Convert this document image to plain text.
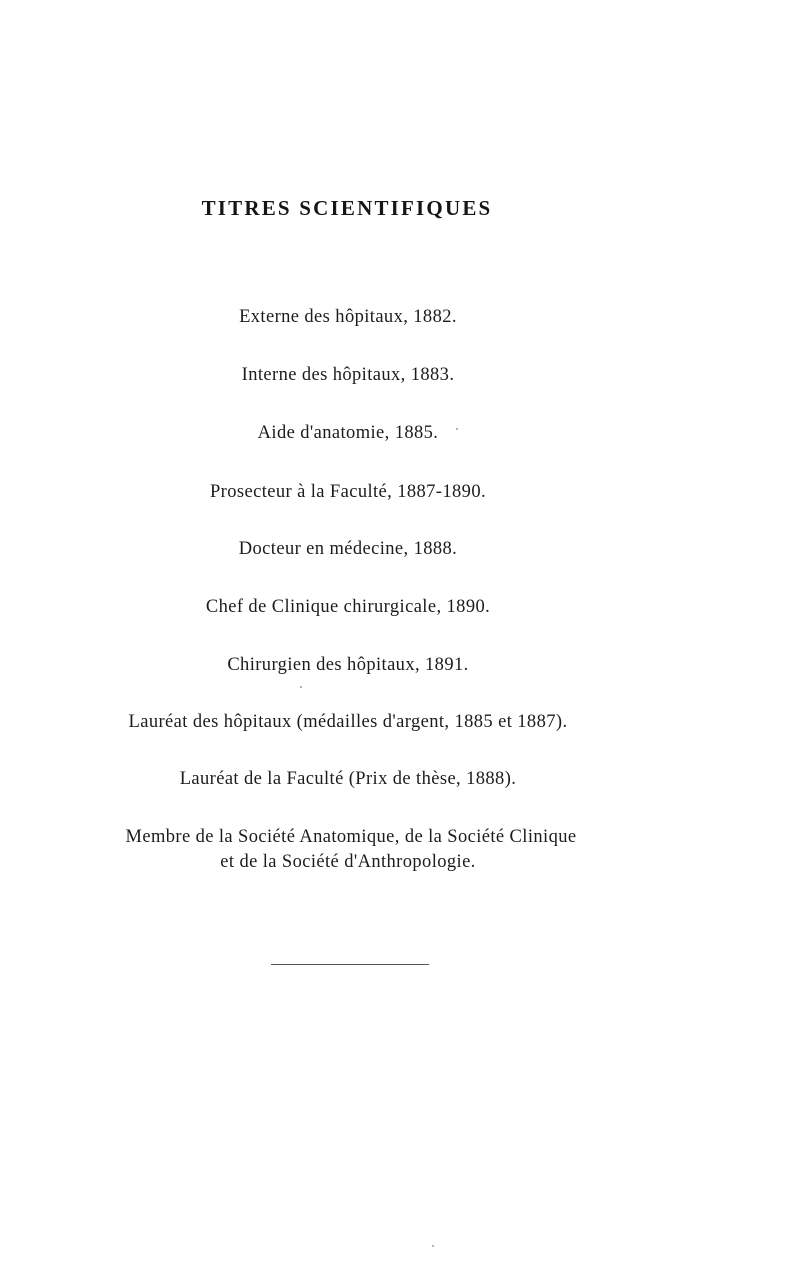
TITRES SCIENTIFIQUES
Externe des hôpitaux, 1882.
Interne des hôpitaux, 1883.
Aide d'anatomie, 1885.
Prosecteur à la Faculté, 1887-1890.
Docteur en médecine, 1888.
Chef de Clinique chirurgicale, 1890.
Chirurgien des hôpitaux, 1891.
Lauréat des hôpitaux (médailles d'argent, 1885 et 1887).
Lauréat de la Faculté (Prix de thèse, 1888).
Membre de la Société Anatomique, de la Société Clinique
et de la Société d'Anthropologie.
